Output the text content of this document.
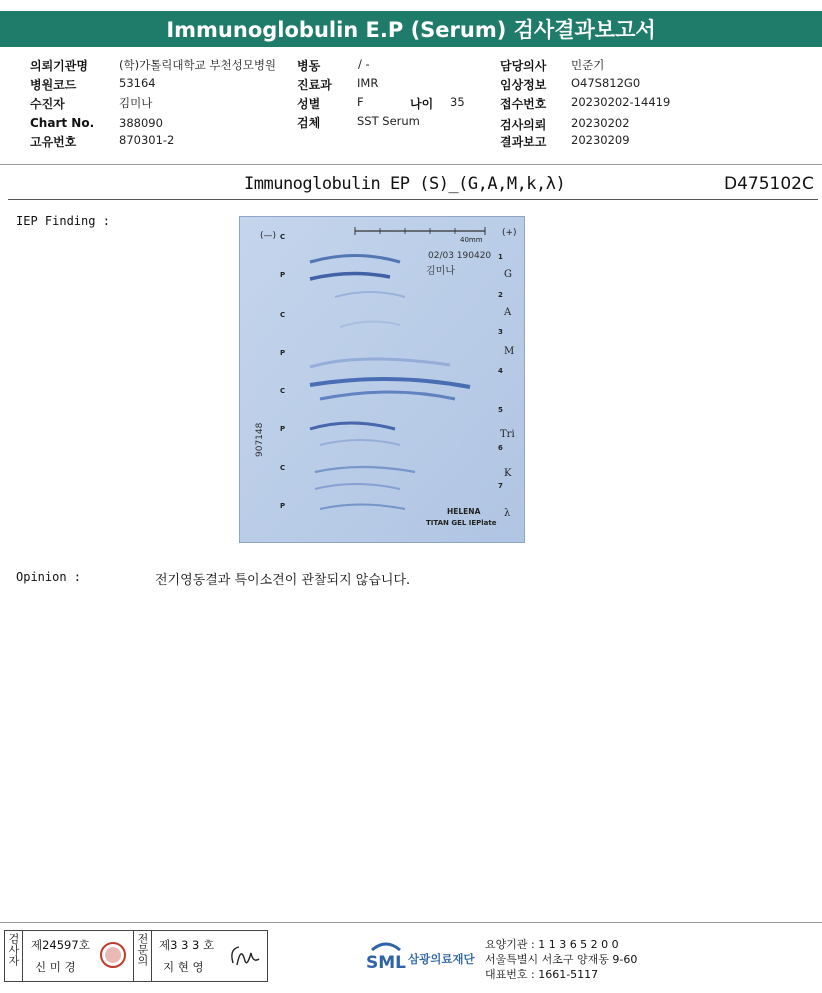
Immunoglobulin E.P (Serum) 검사결과보고서
의뢰기관명	(학)가톨릭대학교 부천성모병원
병원코드	53164
수진자	김미나
Chart No. 388090
고유번호	870301-2
병동	/ -
진료과 IMR
성별	F	나이 35
검체	SST Serum
담당의사 민준기
임상정보 O47S812G0
접수번호 20230202-14419
검사의뢰 20230202
결과보고 20230209
Immunoglobulin EP (S)_(G,A,M,k,λ)	D475102C
IEP Finding :
(—)	(+)
40mm
02/03 190420
김미나
907148
C
P
C
P
C
P
C
P
1
2
3
4
5
6
7
G
A
M
Tri
K
λ
HELENA
TITAN GEL IEPlate
Opinion :	전기영동결과 특이소견이 관찰되지 않습니다.
검사자 제24597호
신 미 경
전문의 제3 3 3 호
지 현 영	SML 삼광의료재단
요양기관 : 1 1 3 6 5 2 0 0
서울특별시 서초구 양재동 9-60
대표번호 : 1661-5117
